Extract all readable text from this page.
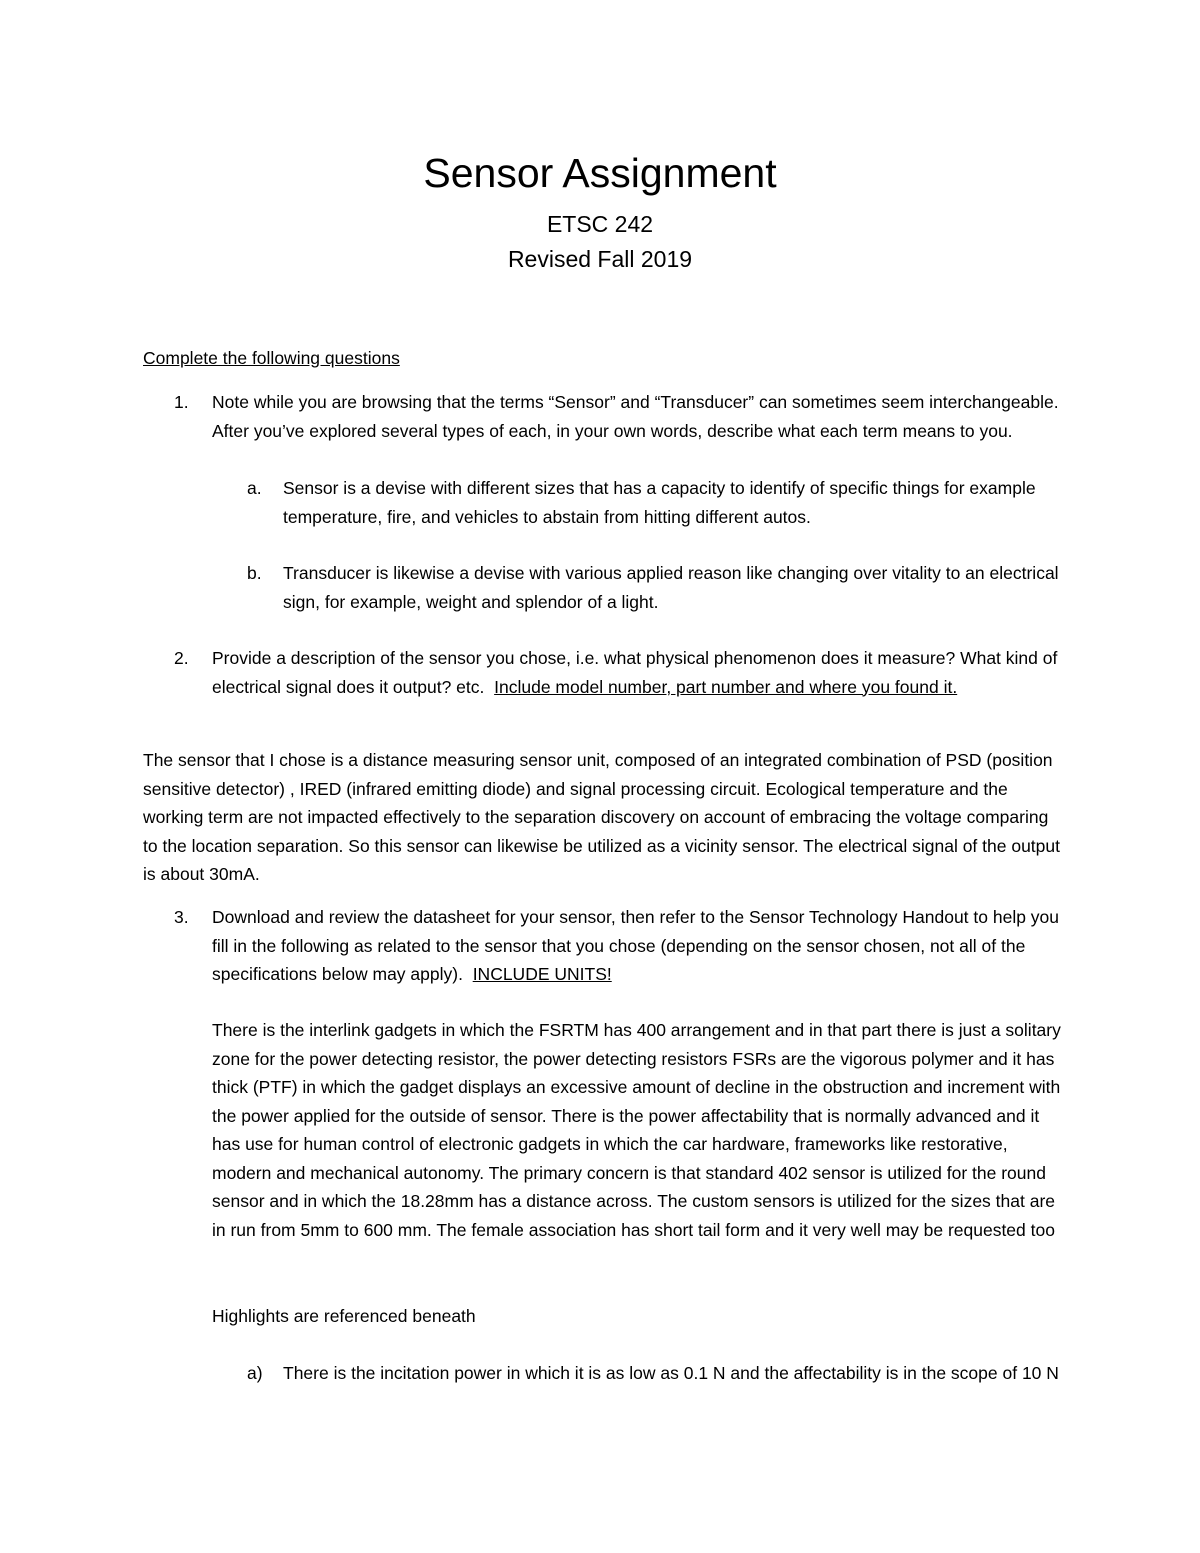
Sensor Assignment
ETSC 242
Revised Fall 2019
Complete the following questions
1. Note while you are browsing that the terms “Sensor” and “Transducer” can sometimes seem interchangeable. After you’ve explored several types of each, in your own words, describe what each term means to you.
a. Sensor is a devise with different sizes that has a capacity to identify of specific things for example temperature, fire, and vehicles to abstain from hitting different autos.
b. Transducer is likewise a devise with various applied reason like changing over vitality to an electrical sign, for example, weight and splendor of a light.
2. Provide a description of the sensor you chose, i.e. what physical phenomenon does it measure? What kind of electrical signal does it output? etc. Include model number, part number and where you found it.
The sensor that I chose is a distance measuring sensor unit, composed of an integrated combination of PSD (position sensitive detector) , IRED (infrared emitting diode) and signal processing circuit. Ecological temperature and the working term are not impacted effectively to the separation discovery on account of embracing the voltage comparing to the location separation. So this sensor can likewise be utilized as a vicinity sensor. The electrical signal of the output is about 30mA.
3. Download and review the datasheet for your sensor, then refer to the Sensor Technology Handout to help you fill in the following as related to the sensor that you chose (depending on the sensor chosen, not all of the specifications below may apply). INCLUDE UNITS!
There is the interlink gadgets in which the FSRTM has 400 arrangement and in that part there is just a solitary zone for the power detecting resistor, the power detecting resistors FSRs are the vigorous polymer and it has thick (PTF) in which the gadget displays an excessive amount of decline in the obstruction and increment with the power applied for the outside of sensor. There is the power affectability that is normally advanced and it has use for human control of electronic gadgets in which the car hardware, frameworks like restorative, modern and mechanical autonomy. The primary concern is that standard 402 sensor is utilized for the round sensor and in which the 18.28mm has a distance across. The custom sensors is utilized for the sizes that are in run from 5mm to 600 mm. The female association has short tail form and it very well may be requested too
Highlights are referenced beneath
a) There is the incitation power in which it is as low as 0.1 N and the affectability is in the scope of 10 N
